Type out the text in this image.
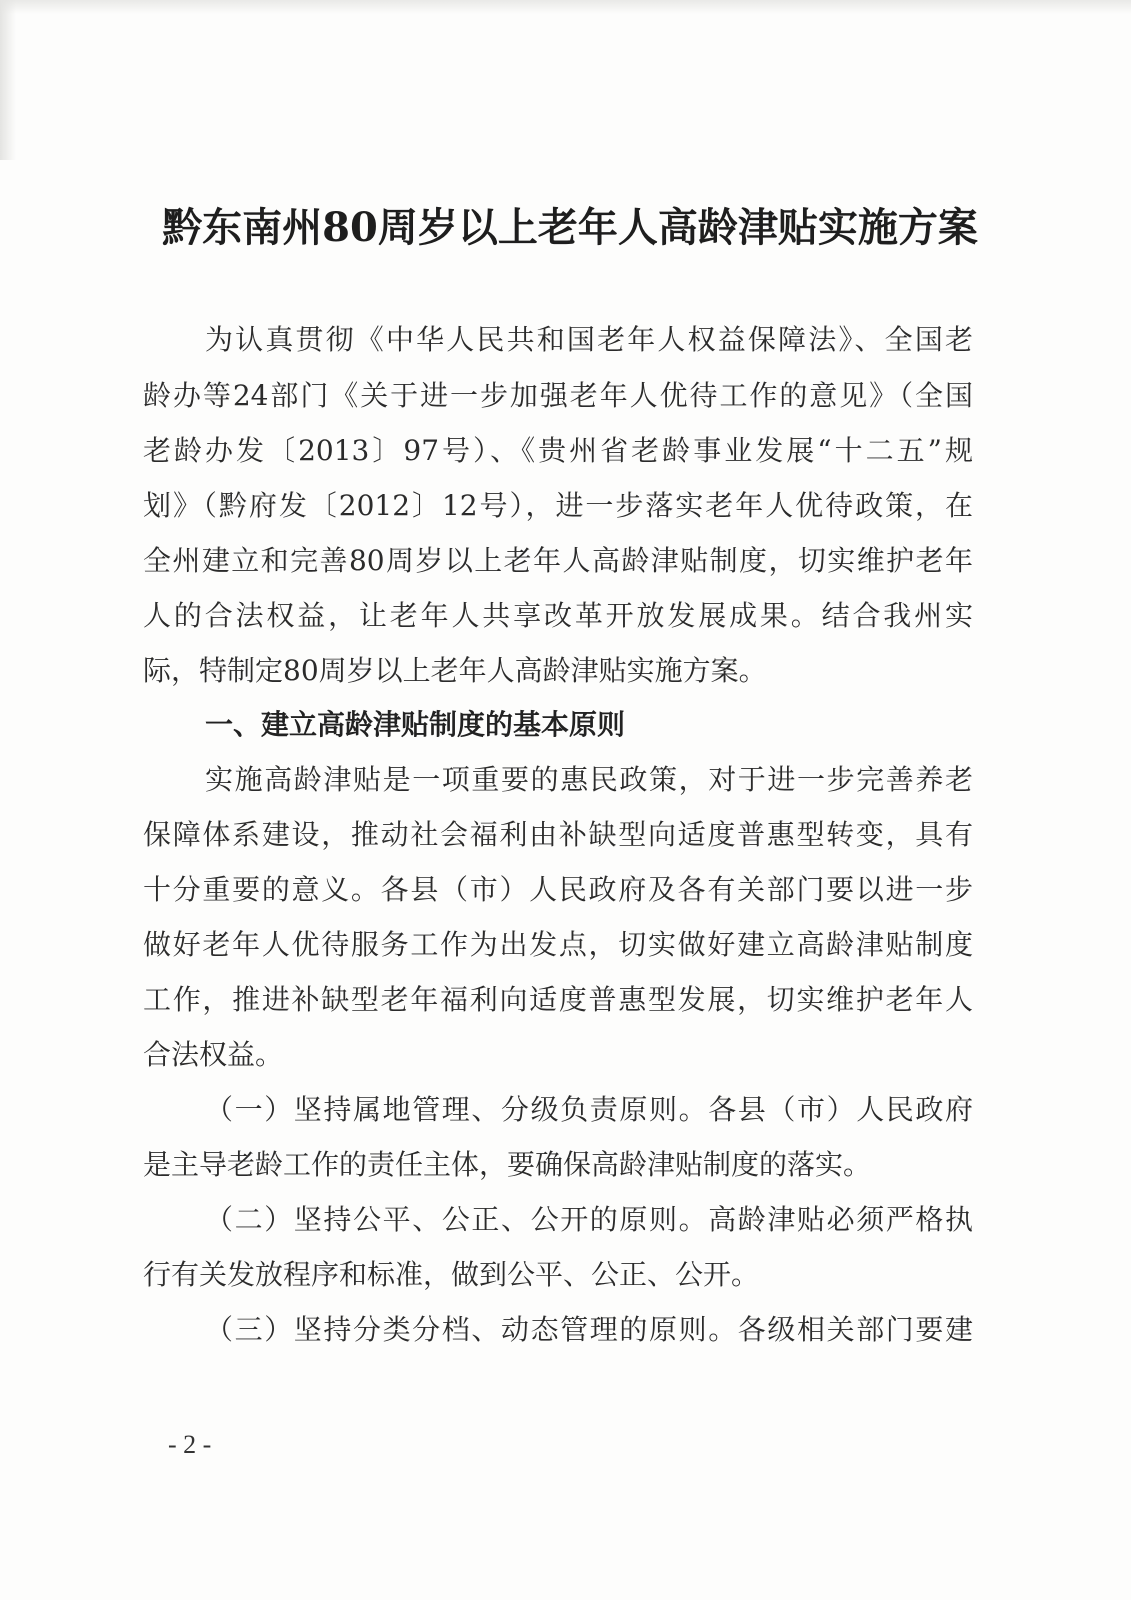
黔东南州80周岁以上老年人高龄津贴实施方案
为认真贯彻《中华人民共和国老年人权益保障法》、全国老
龄办等24部门《关于进一步加强老年人优待工作的意见》（全国
老龄办发〔2013〕97号）、《贵州省老龄事业发展“十二五”规
划》（黔府发〔2012〕12号），进一步落实老年人优待政策，在
全州建立和完善80周岁以上老年人高龄津贴制度，切实维护老年
人的合法权益，让老年人共享改革开放发展成果。结合我州实
际，特制定80周岁以上老年人高龄津贴实施方案。
一、建立高龄津贴制度的基本原则
实施高龄津贴是一项重要的惠民政策，对于进一步完善养老
保障体系建设，推动社会福利由补缺型向适度普惠型转变，具有
十分重要的意义。各县（市）人民政府及各有关部门要以进一步
做好老年人优待服务工作为出发点，切实做好建立高龄津贴制度
工作，推进补缺型老年福利向适度普惠型发展，切实维护老年人
合法权益。
（一）坚持属地管理、分级负责原则。各县（市）人民政府
是主导老龄工作的责任主体，要确保高龄津贴制度的落实。
（二）坚持公平、公正、公开的原则。高龄津贴必须严格执
行有关发放程序和标准，做到公平、公正、公开。
（三）坚持分类分档、动态管理的原则。各级相关部门要建
- 2 -
